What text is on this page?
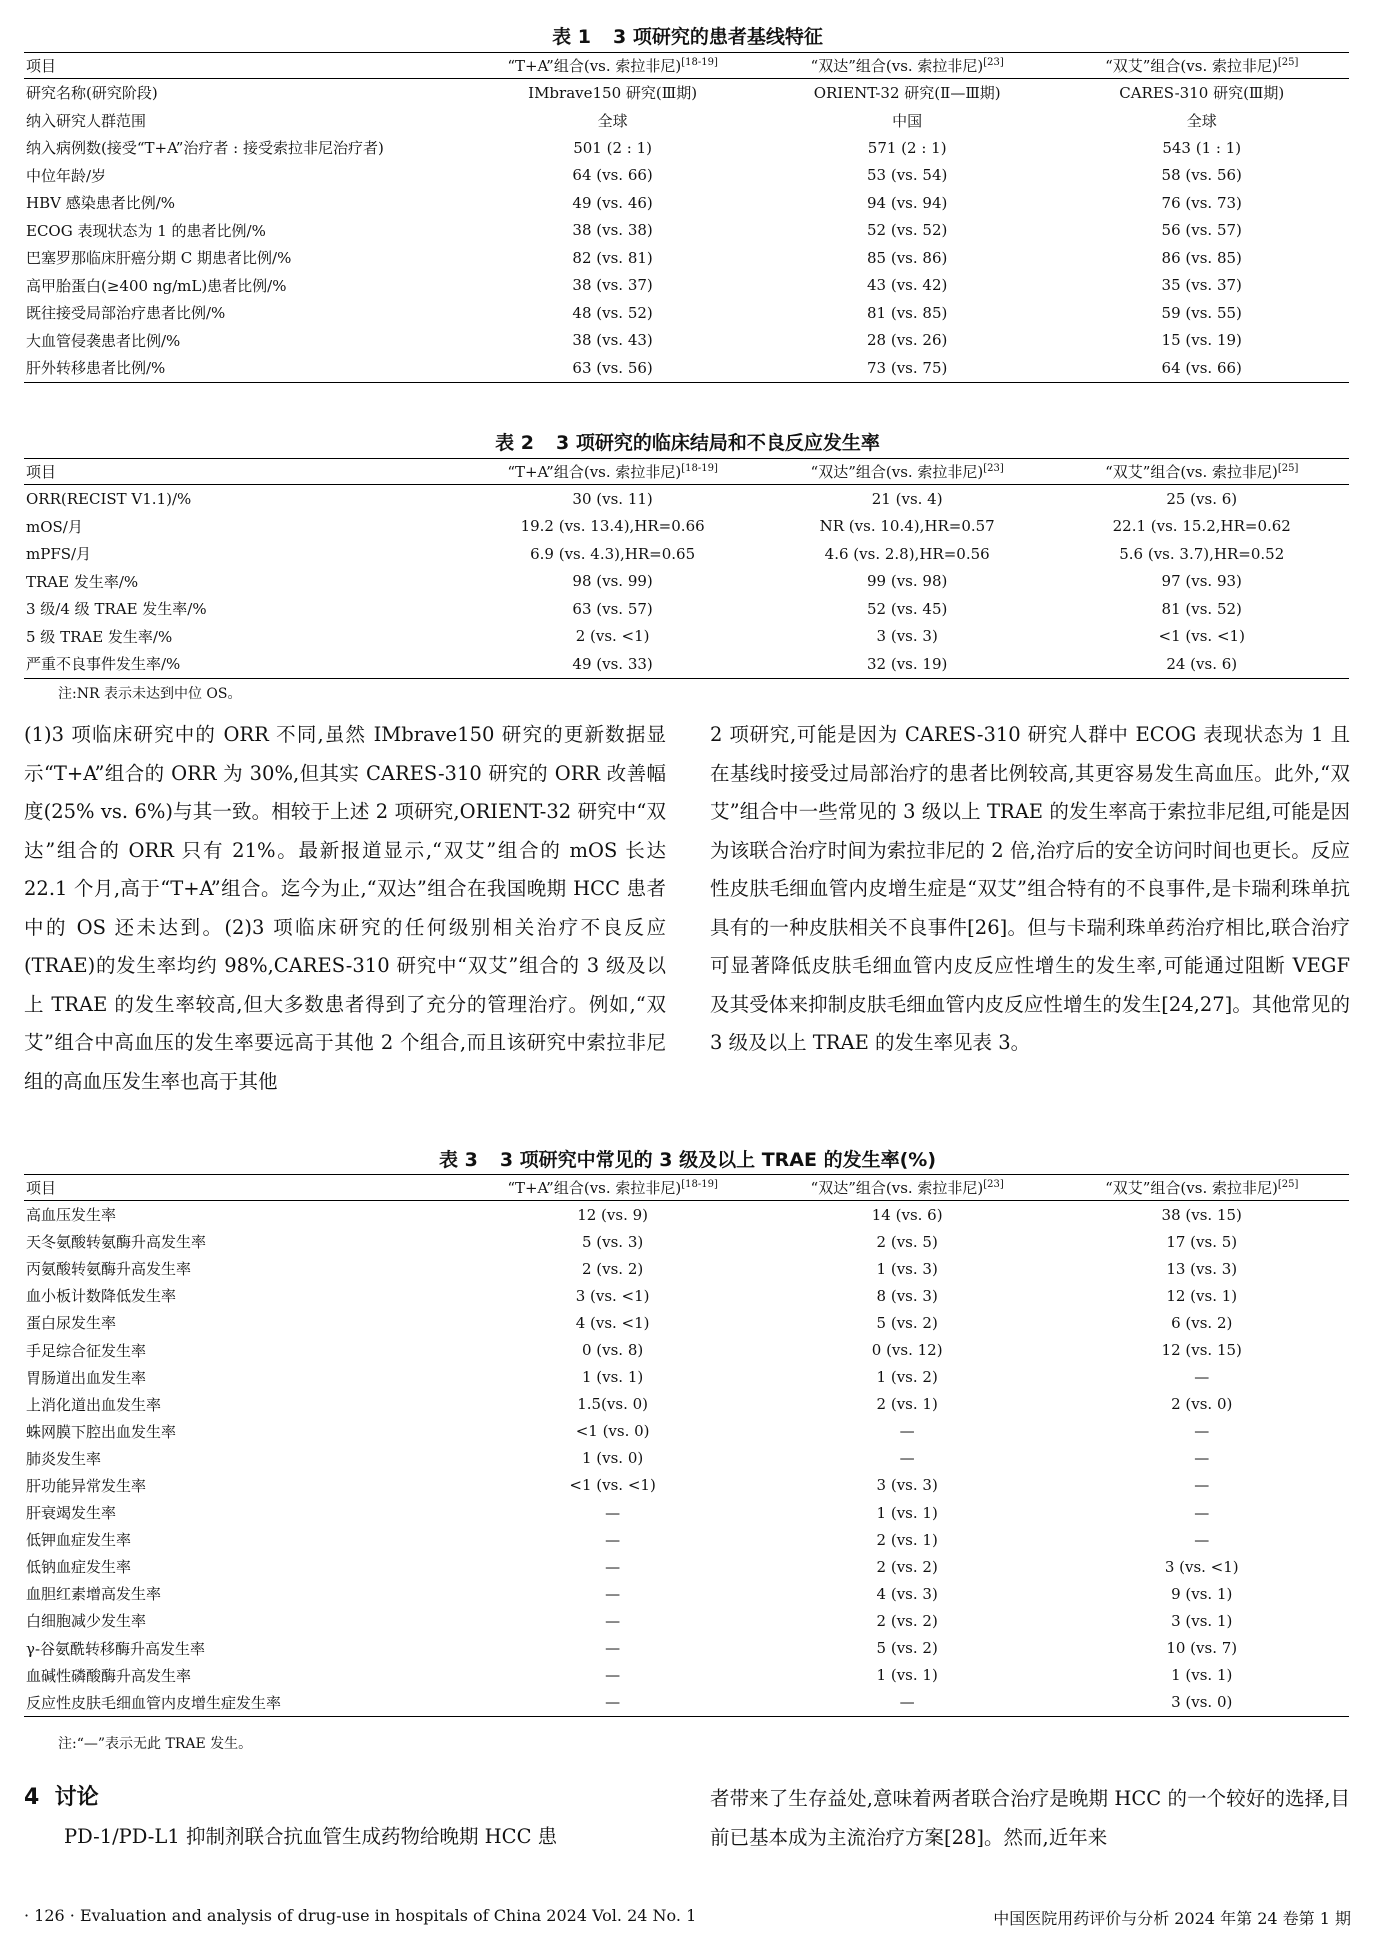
表 1 3 项研究的患者基线特征
项目	“T+A”组合(vs. 索拉非尼)[18-19]	“双达”组合(vs. 索拉非尼)[23]	“双艾”组合(vs. 索拉非尼)[25]
研究名称(研究阶段)	IMbrave150 研究(Ⅲ期)	ORIENT-32 研究(Ⅱ—Ⅲ期)	CARES-310 研究(Ⅲ期)
纳入研究人群范围	全球	中国	全球
纳入病例数(接受“T+A”治疗者 : 接受索拉非尼治疗者)	501 (2 : 1)	571 (2 : 1)	543 (1 : 1)
中位年龄/岁	64 (vs. 66)	53 (vs. 54)	58 (vs. 56)
HBV 感染患者比例/%	49 (vs. 46)	94 (vs. 94)	76 (vs. 73)
ECOG 表现状态为 1 的患者比例/%	38 (vs. 38)	52 (vs. 52)	56 (vs. 57)
巴塞罗那临床肝癌分期 C 期患者比例/%	82 (vs. 81)	85 (vs. 86)	86 (vs. 85)
高甲胎蛋白(≥400 ng/mL)患者比例/%	38 (vs. 37)	43 (vs. 42)	35 (vs. 37)
既往接受局部治疗患者比例/%	48 (vs. 52)	81 (vs. 85)	59 (vs. 55)
大血管侵袭患者比例/%	38 (vs. 43)	28 (vs. 26)	15 (vs. 19)
肝外转移患者比例/%	63 (vs. 56)	73 (vs. 75)	64 (vs. 66)
表 2 3 项研究的临床结局和不良反应发生率
项目	“T+A”组合(vs. 索拉非尼)[18-19]	“双达”组合(vs. 索拉非尼)[23]	“双艾”组合(vs. 索拉非尼)[25]
ORR(RECIST V1.1)/%	30 (vs. 11)	21 (vs. 4)	25 (vs. 6)
mOS/月	19.2 (vs. 13.4),HR=0.66	NR (vs. 10.4),HR=0.57	22.1 (vs. 15.2,HR=0.62
mPFS/月	6.9 (vs. 4.3),HR=0.65	4.6 (vs. 2.8),HR=0.56	5.6 (vs. 3.7),HR=0.52
TRAE 发生率/%	98 (vs. 99)	99 (vs. 98)	97 (vs. 93)
3 级/4 级 TRAE 发生率/%	63 (vs. 57)	52 (vs. 45)	81 (vs. 52)
5 级 TRAE 发生率/%	2 (vs. <1)	3 (vs. 3)	<1 (vs. <1)
严重不良事件发生率/%	49 (vs. 33)	32 (vs. 19)	24 (vs. 6)
注:NR 表示未达到中位 OS。

(1)3 项临床研究中的 ORR 不同,虽然 IMbrave150 研究的更新数据显示“T+A”组合的 ORR 为 30%,但其实 CARES-310 研究的 ORR 改善幅度(25% vs. 6%)与其一致。相较于上述 2 项研究,ORIENT-32 研究中“双达”组合的 ORR 只有 21%。最新报道显示,“双艾”组合的 mOS 长达 22.1 个月,高于“T+A”组合。迄今为止,“双达”组合在我国晚期 HCC 患者中的 OS 还未达到。(2)3 项临床研究的任何级别相关治疗不良反应(TRAE)的发生率均约 98%,CARES-310 研究中“双艾”组合的 3 级及以上 TRAE 的发生率较高,但大多数患者得到了充分的管理治疗。例如,“双艾”组合中高血压的发生率要远高于其他 2 个组合,而且该研究中索拉非尼组的高血压发生率也高于其他

2 项研究,可能是因为 CARES-310 研究人群中 ECOG 表现状态为 1 且在基线时接受过局部治疗的患者比例较高,其更容易发生高血压。此外,“双艾”组合中一些常见的 3 级以上 TRAE 的发生率高于索拉非尼组,可能是因为该联合治疗时间为索拉非尼的 2 倍,治疗后的安全访问时间也更长。反应性皮肤毛细血管内皮增生症是“双艾”组合特有的不良事件,是卡瑞利珠单抗具有的一种皮肤相关不良事件[26]。但与卡瑞利珠单药治疗相比,联合治疗可显著降低皮肤毛细血管内皮反应性增生的发生率,可能通过阻断 VEGF 及其受体来抑制皮肤毛细血管内皮反应性增生的发生[24,27]。其他常见的 3 级及以上 TRAE 的发生率见表 3。

表 3 3 项研究中常见的 3 级及以上 TRAE 的发生率(%)
项目	“T+A”组合(vs. 索拉非尼)[18-19]	“双达”组合(vs. 索拉非尼)[23]	“双艾”组合(vs. 索拉非尼)[25]
高血压发生率	12 (vs. 9)	14 (vs. 6)	38 (vs. 15)
天冬氨酸转氨酶升高发生率	5 (vs. 3)	2 (vs. 5)	17 (vs. 5)
丙氨酸转氨酶升高发生率	2 (vs. 2)	1 (vs. 3)	13 (vs. 3)
血小板计数降低发生率	3 (vs. <1)	8 (vs. 3)	12 (vs. 1)
蛋白尿发生率	4 (vs. <1)	5 (vs. 2)	6 (vs. 2)
手足综合征发生率	0 (vs. 8)	0 (vs. 12)	12 (vs. 15)
胃肠道出血发生率	1 (vs. 1)	1 (vs. 2)	—
上消化道出血发生率	1.5(vs. 0)	2 (vs. 1)	2 (vs. 0)
蛛网膜下腔出血发生率	<1 (vs. 0)	—	—
肺炎发生率	1 (vs. 0)	—	—
肝功能异常发生率	<1 (vs. <1)	3 (vs. 3)	—
肝衰竭发生率	—	1 (vs. 1)	—
低钾血症发生率	—	2 (vs. 1)	—
低钠血症发生率	—	2 (vs. 2)	3 (vs. <1)
血胆红素增高发生率	—	4 (vs. 3)	9 (vs. 1)
白细胞减少发生率	—	2 (vs. 2)	3 (vs. 1)
γ-谷氨酰转移酶升高发生率	—	5 (vs. 2)	10 (vs. 7)
血碱性磷酸酶升高发生率	—	1 (vs. 1)	1 (vs. 1)
反应性皮肤毛细血管内皮增生症发生率	—	—	3 (vs. 0)
注:“—”表示无此 TRAE 发生。
4 讨论

PD-1/PD-L1 抑制剂联合抗血管生成药物给晚期 HCC 患

者带来了生存益处,意味着两者联合治疗是晚期 HCC 的一个较好的选择,目前已基本成为主流治疗方案[28]。然而,近年来

· 126 · Evaluation and analysis of drug-use in hospitals of China 2024 Vol. 24 No. 1	中国医院用药评价与分析 2024 年第 24 卷第 1 期
